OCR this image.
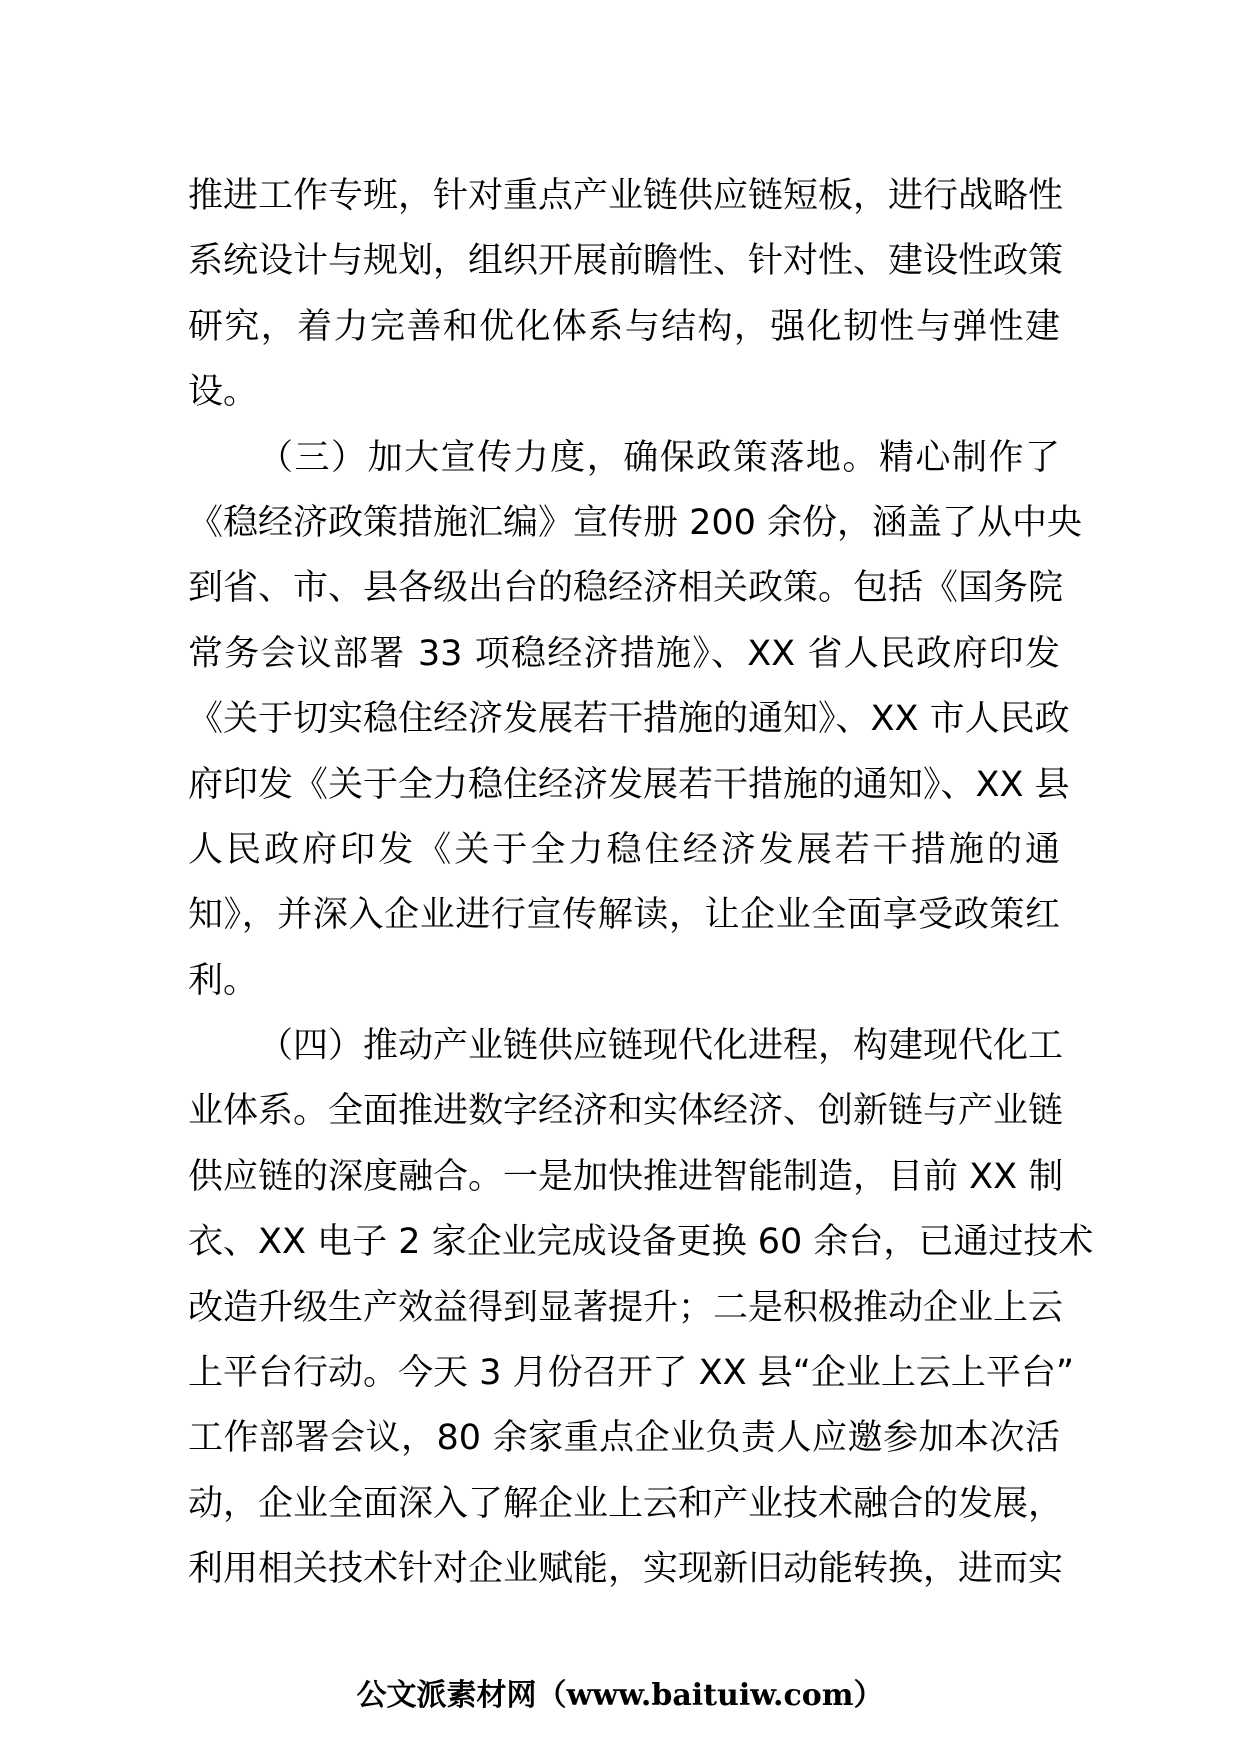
推进工作专班，针对重点产业链供应链短板，进行战略性
系统设计与规划，组织开展前瞻性、针对性、建设性政策
研究，着力完善和优化体系与结构，强化韧性与弹性建
设。
（三）加大宣传力度，确保政策落地。精心制作了
《稳经济政策措施汇编》宣传册 200 余份，涵盖了从中央
到省、市、县各级出台的稳经济相关政策。包括《国务院
常务会议部署 33 项稳经济措施》、XX 省人民政府印发
《关于切实稳住经济发展若干措施的通知》、XX 市人民政
府印发《关于全力稳住经济发展若干措施的通知》、XX 县
人民政府印发《关于全力稳住经济发展若干措施的通
知》，并深入企业进行宣传解读，让企业全面享受政策红
利。
（四）推动产业链供应链现代化进程，构建现代化工
业体系。全面推进数字经济和实体经济、创新链与产业链
供应链的深度融合。一是加快推进智能制造，目前 XX 制
衣、XX 电子 2 家企业完成设备更换 60 余台，已通过技术
改造升级生产效益得到显著提升；二是积极推动企业上云
上平台行动。今天 3 月份召开了 XX 县“企业上云上平台”
工作部署会议，80 余家重点企业负责人应邀参加本次活
动，企业全面深入了解企业上云和产业技术融合的发展，
利用相关技术针对企业赋能，实现新旧动能转换，进而实
公文派素材网（www.baituiw.com）
